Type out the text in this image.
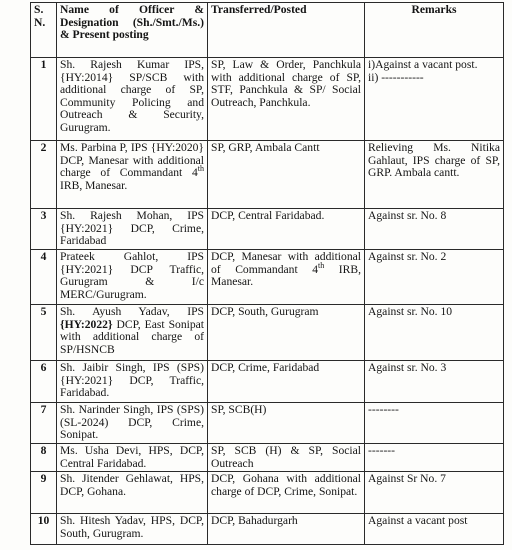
S. N.	Name of Officer & Designation (Sh./Smt./Ms.) & Present posting	Transferred/Posted	Remarks
1	Sh. Rajesh Kumar IPS, {HY:2014} SP/SCB with additional charge of SP, Community Policing and Outreach & Security, Gurugram.	SP, Law & Order, Panchkula with additional charge of SP, STF, Panchkula & SP/ Social Outreach, Panchkula.	i)Against a vacant post.
ii) -----------

2	Ms. Parbina P, IPS {HY:2020} DCP, Manesar with additional charge of Commandant 4th IRB, Manesar.	SP, GRP, Ambala Cantt	Relieving Ms. Nitika Gahlaut, IPS charge of SP, GRP. Ambala cantt.

3	Sh. Rajesh Mohan, IPS {HY:2021} DCP, Crime, Faridabad	DCP, Central Faridabad.	Against sr. No. 8

4	Prateek Gahlot, IPS {HY:2021} DCP Traffic, Gurugram & I/c MERC/Gurugram.	DCP, Manesar with additional of Commandant 4th IRB, Manesar.	Against sr. No. 2

5	Sh. Ayush Yadav, IPS {HY:2022} DCP, East Sonipat with additional charge of SP/HSNCB	DCP, South, Gurugram	Against sr. No. 10

6	Sh. Jaibir Singh, IPS (SPS) {HY:2021} DCP, Traffic, Faridabad.	DCP, Crime, Faridabad	Against sr. No. 3

7	Sh. Narinder Singh, IPS (SPS) (SL-2024) DCP, Crime, Sonipat.	SP, SCB(H)	--------

8	Ms. Usha Devi, HPS, DCP, Central Faridabad.	SP, SCB (H) & SP, Social Outreach	-------

9	Sh. Jitender Gehlawat, HPS, DCP, Gohana.	DCP, Gohana with additional charge of DCP, Crime, Sonipat.	Against Sr No. 7

10	Sh. Hitesh Yadav, HPS, DCP, South, Gurugram.	DCP, Bahadurgarh	Against a vacant post
